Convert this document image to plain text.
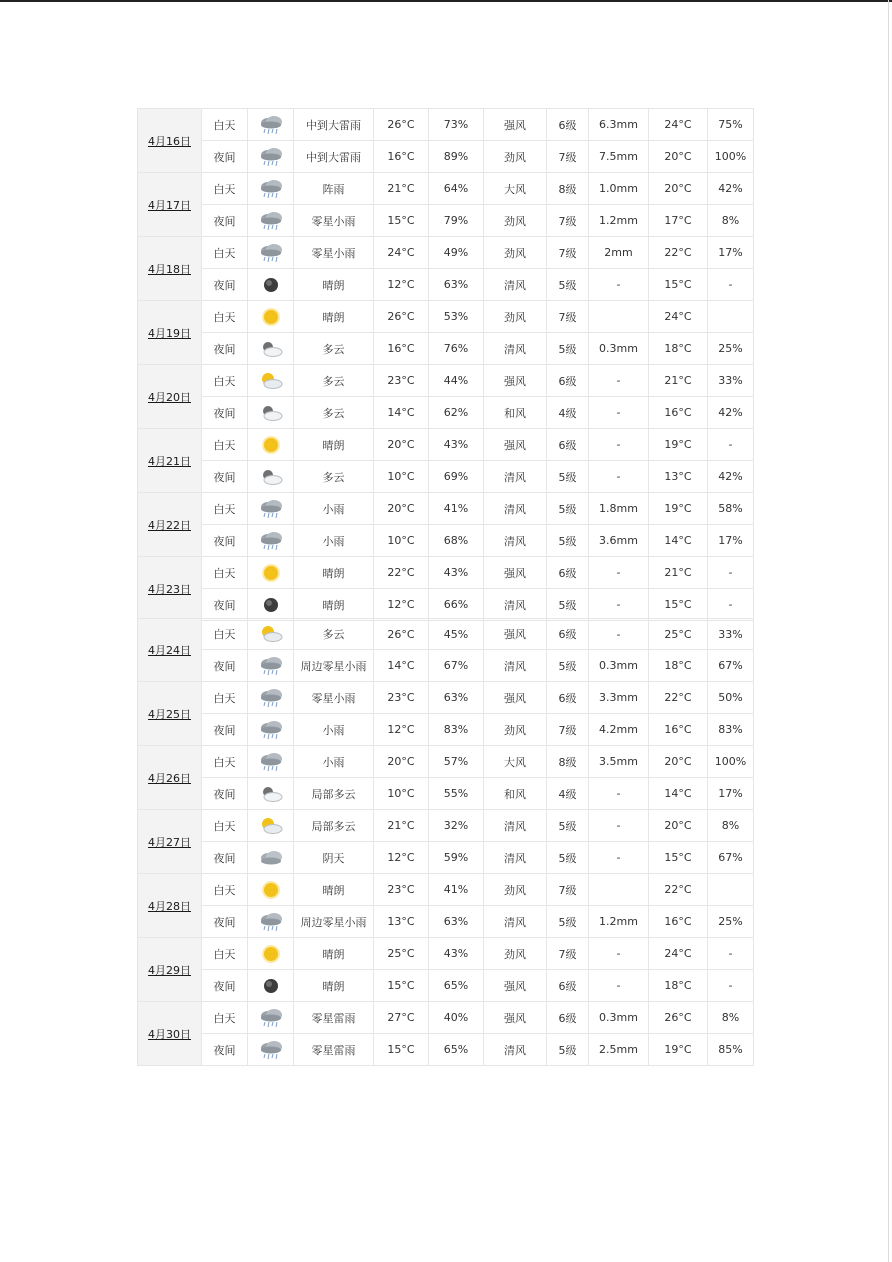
4月16日	白天		中到大雷雨	26°C	73%	强风	6级	6.3mm	24°C	75%
	夜间		中到大雷雨	16°C	89%	劲风	7级	7.5mm	20°C	100%
4月17日	白天		阵雨	21°C	64%	大风	8级	1.0mm	20°C	42%
	夜间		零星小雨	15°C	79%	劲风	7级	1.2mm	17°C	8%
4月18日	白天		零星小雨	24°C	49%	劲风	7级	2mm	22°C	17%
	夜间		晴朗	12°C	63%	清风	5级	-	15°C	-
4月19日	白天		晴朗	26°C	53%	劲风	7级		24°C	
	夜间		多云	16°C	76%	清风	5级	0.3mm	18°C	25%
4月20日	白天		多云	23°C	44%	强风	6级	-	21°C	33%
	夜间		多云	14°C	62%	和风	4级	-	16°C	42%
4月21日	白天		晴朗	20°C	43%	强风	6级	-	19°C	-
	夜间		多云	10°C	69%	清风	5级	-	13°C	42%
4月22日	白天		小雨	20°C	41%	清风	5级	1.8mm	19°C	58%
	夜间		小雨	10°C	68%	清风	5级	3.6mm	14°C	17%
4月23日	白天		晴朗	22°C	43%	强风	6级	-	21°C	-
	夜间		晴朗	12°C	66%	清风	5级	-	15°C	-
4月24日	白天		多云	26°C	45%	强风	6级	-	25°C	33%
	夜间		周边零星小雨	14°C	67%	清风	5级	0.3mm	18°C	67%
4月25日	白天		零星小雨	23°C	63%	强风	6级	3.3mm	22°C	50%
	夜间		小雨	12°C	83%	劲风	7级	4.2mm	16°C	83%
4月26日	白天		小雨	20°C	57%	大风	8级	3.5mm	20°C	100%
	夜间		局部多云	10°C	55%	和风	4级	-	14°C	17%
4月27日	白天		局部多云	21°C	32%	清风	5级	-	20°C	8%
	夜间		阴天	12°C	59%	清风	5级	-	15°C	67%
4月28日	白天		晴朗	23°C	41%	劲风	7级		22°C	
	夜间		周边零星小雨	13°C	63%	清风	5级	1.2mm	16°C	25%
4月29日	白天		晴朗	25°C	43%	劲风	7级	-	24°C	-
	夜间		晴朗	15°C	65%	强风	6级	-	18°C	-
4月30日	白天		零星雷雨	27°C	40%	强风	6级	0.3mm	26°C	8%
	夜间		零星雷雨	15°C	65%	清风	5级	2.5mm	19°C	85%
